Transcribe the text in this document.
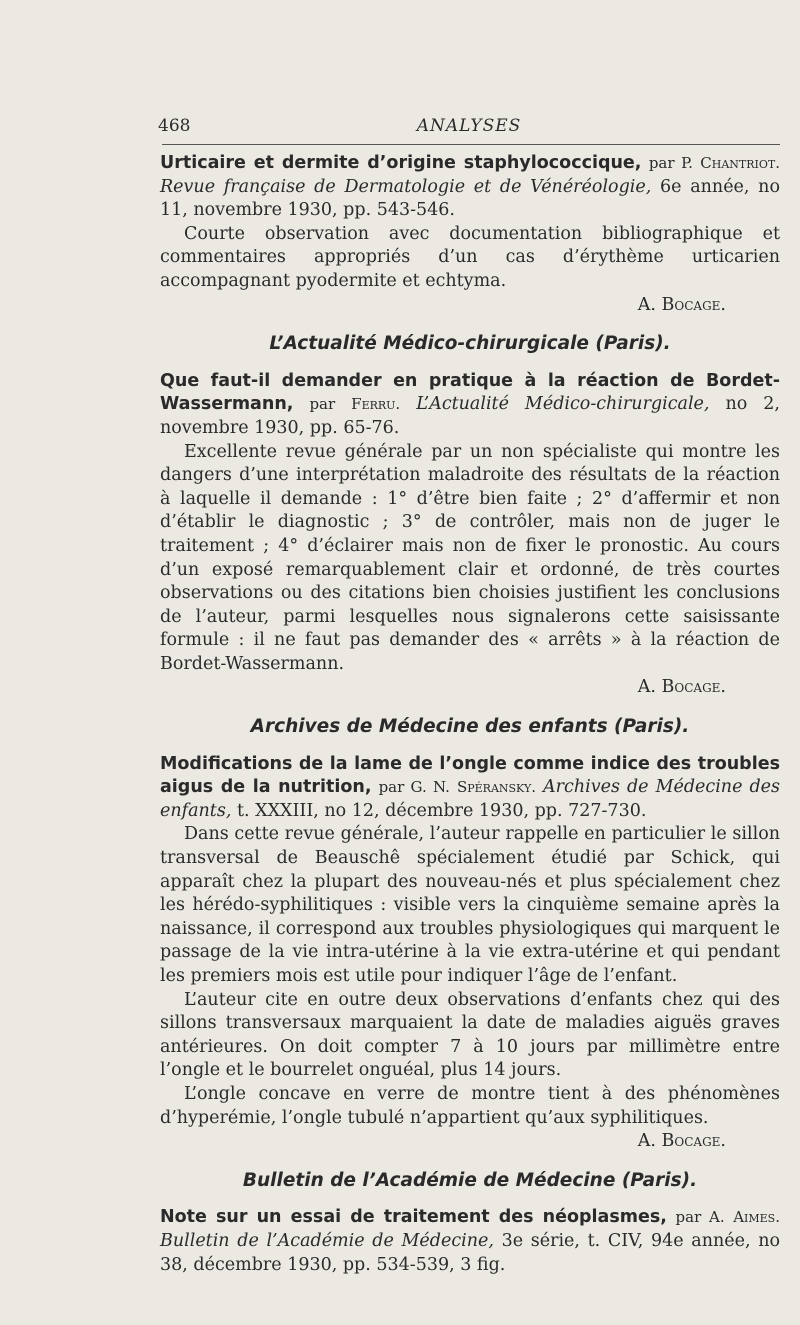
468	ANALYSES

Urticaire et dermite d’origine staphylococcique, par P. Chantriot. Revue française de Dermatologie et de Vénéréologie, 6e année, no 11, novembre 1930, pp. 543-546.

Courte observation avec documentation bibliographique et commentaires appropriés d’un cas d’érythème urticarien accompagnant pyodermite et echtyma.

A. Bocage.

L’Actualité Médico-chirurgicale (Paris).

Que faut-il demander en pratique à la réaction de Bordet-Wassermann, par Ferru. L’Actualité Médico-chirurgicale, no 2, novembre 1930, pp. 65-76.

Excellente revue générale par un non spécialiste qui montre les dangers d’une interprétation maladroite des résultats de la réaction à laquelle il demande : 1° d’être bien faite ; 2° d’affermir et non d’établir le diagnostic ; 3° de contrôler, mais non de juger le traitement ; 4° d’éclairer mais non de fixer le pronostic. Au cours d’un exposé remarquablement clair et ordonné, de très courtes observations ou des citations bien choisies justifient les conclusions de l’auteur, parmi lesquelles nous signalerons cette saisissante formule : il ne faut pas demander des « arrêts » à la réaction de Bordet-Wassermann.

A. Bocage.

Archives de Médecine des enfants (Paris).

Modifications de la lame de l’ongle comme indice des troubles aigus de la nutrition, par G. N. Spéransky. Archives de Médecine des enfants, t. XXXIII, no 12, décembre 1930, pp. 727-730.

Dans cette revue générale, l’auteur rappelle en particulier le sillon transversal de Beauschê spécialement étudié par Schick, qui apparaît chez la plupart des nouveau-nés et plus spécialement chez les hérédo-syphilitiques : visible vers la cinquième semaine après la naissance, il correspond aux troubles physiologiques qui marquent le passage de la vie intra-utérine à la vie extra-utérine et qui pendant les premiers mois est utile pour indiquer l’âge de l’enfant.

L’auteur cite en outre deux observations d’enfants chez qui des sillons transversaux marquaient la date de maladies aiguës graves antérieures. On doit compter 7 à 10 jours par millimètre entre l’ongle et le bourrelet onguéal, plus 14 jours.

L’ongle concave en verre de montre tient à des phénomènes d’hyperémie, l’ongle tubulé n’appartient qu’aux syphilitiques.

A. Bocage.

Bulletin de l’Académie de Médecine (Paris).

Note sur un essai de traitement des néoplasmes, par A. Aimes. Bulletin de l’Académie de Médecine, 3e série, t. CIV, 94e année, no 38, décembre 1930, pp. 534-539, 3 fig.
